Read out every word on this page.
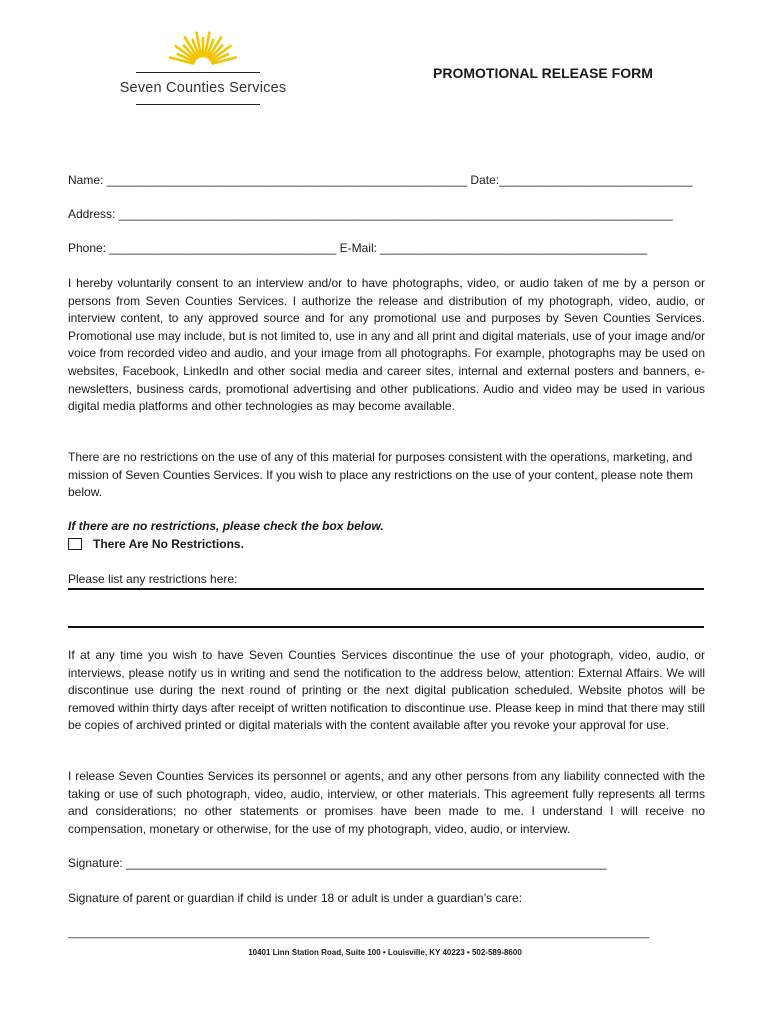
Seven Counties Services
PROMOTIONAL RELEASE FORM
Name: ______________________________________________________ Date:_____________________________
Address: ___________________________________________________________________________________
Phone: __________________________________ E-Mail: ________________________________________

I hereby voluntarily consent to an interview and/or to have photographs, video, or audio taken of me by a person or persons from Seven Counties Services. I authorize the release and distribution of my photograph, video, audio, or interview content, to any approved source and for any promotional use and purposes by Seven Counties Services. Promotional use may include, but is not limited to, use in any and all print and digital materials, use of your image and/or voice from recorded video and audio, and your image from all photographs. For example, photographs may be used on websites, Facebook, LinkedIn and other social media and career sites, internal and external posters and banners, e-newsletters, business cards, promotional advertising and other publications. Audio and video may be used in various digital media platforms and other technologies as may become available.

There are no restrictions on the use of any of this material for purposes consistent with the operations, marketing, and mission of Seven Counties Services. If you wish to place any restrictions on the use of your content, please note them below.

If there are no restrictions, please check the box below.
There Are No Restrictions.
Please list any restrictions here:

If at any time you wish to have Seven Counties Services discontinue the use of your photograph, video, audio, or interviews, please notify us in writing and send the notification to the address below, attention: External Affairs. We will discontinue use during the next round of printing or the next digital publication scheduled. Website photos will be removed within thirty days after receipt of written notification to discontinue use. Please keep in mind that there may still be copies of archived printed or digital materials with the content available after you revoke your approval for use.

I release Seven Counties Services its personnel or agents, and any other persons from any liability connected with the taking or use of such photograph, video, audio, interview, or other materials. This agreement fully represents all terms and considerations; no other statements or promises have been made to me. I understand I will receive no compensation, monetary or otherwise, for the use of my photograph, video, audio, or interview.

Signature: ________________________________________________________________________
Signature of parent or guardian if child is under 18 or adult is under a guardian’s care:
_______________________________________________________________________________________________
10401 Linn Station Road, Suite 100 • Louisville, KY 40223 • 502-589-8600
